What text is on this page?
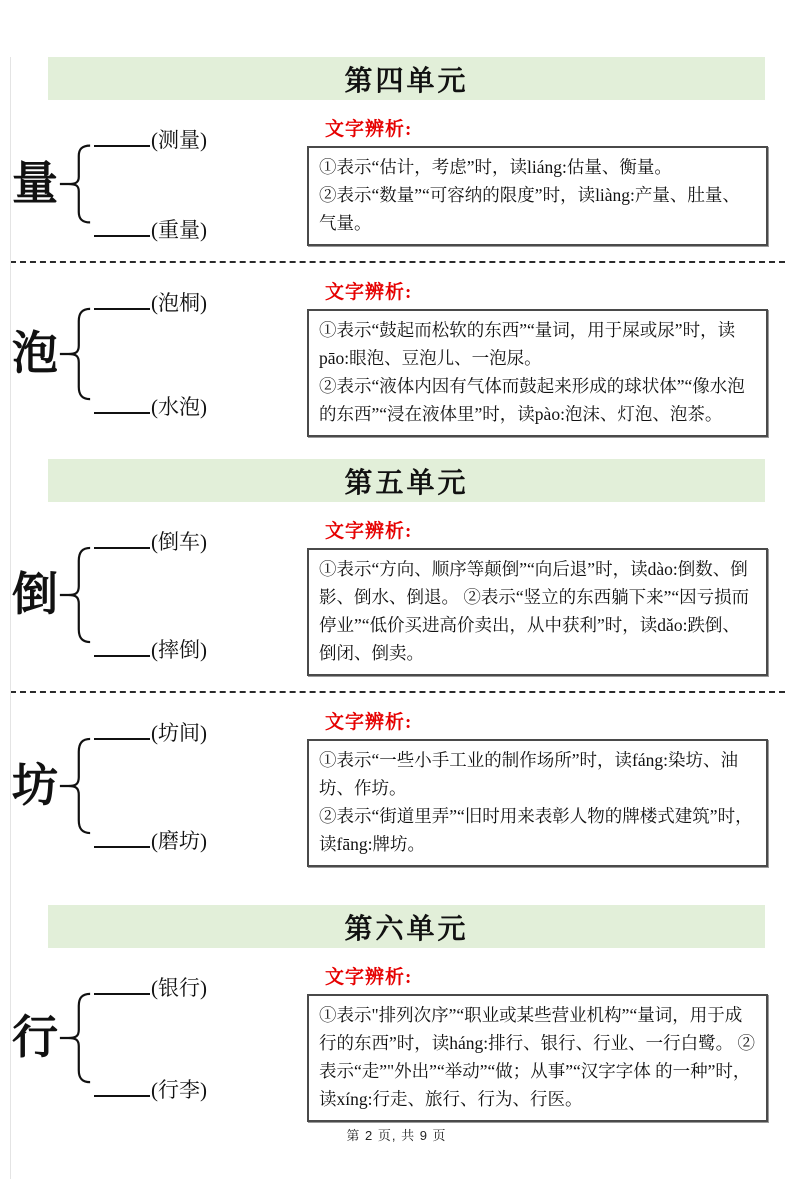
第四单元
量
(测量)
(重量)
文字辨析:

①表示“估计，考虑”时，读liáng:估量、衡量。

②表示“数量”“可容纳的限度”时，读liàng:产量、肚量、气量。

泡
(泡桐)
(水泡)
文字辨析:

①表示“鼓起而松软的东西”“量词，用于屎或尿”时，读pāo:眼泡、豆泡儿、一泡尿。

②表示“液体内因有气体而鼓起来形成的球状体”“像水泡的东西”“浸在液体里”时，读pào:泡沫、灯泡、泡茶。

第五单元
倒
(倒车)
(摔倒)
文字辨析:

①表示“方向、顺序等颠倒”“向后退”时，读dào:倒数、倒影、倒水、倒退。 ②表示“竖立的东西躺下来”“因亏损而停业”“低价买进高价卖出，从中获利”时，读dǎo:跌倒、倒闭、倒卖。

坊
(坊间)
(磨坊)
文字辨析:

①表示“一些小手工业的制作场所”时，读fáng:染坊、油坊、作坊。

②表示“街道里弄”“旧时用来表彰人物的牌楼式建筑”时，读fāng:牌坊。

第六单元
行
(银行)
(行李)
文字辨析:

①表示"排列次序”“职业或某些营业机构”“量词，用于成行的东西”时，读háng:排行、银行、行业、一行白鹭。 ②表示“走”"外出”“举动”“做；从事”“汉字字体 的一种”时，读xíng:行走、旅行、行为、行医。

第 2 页, 共 9 页
